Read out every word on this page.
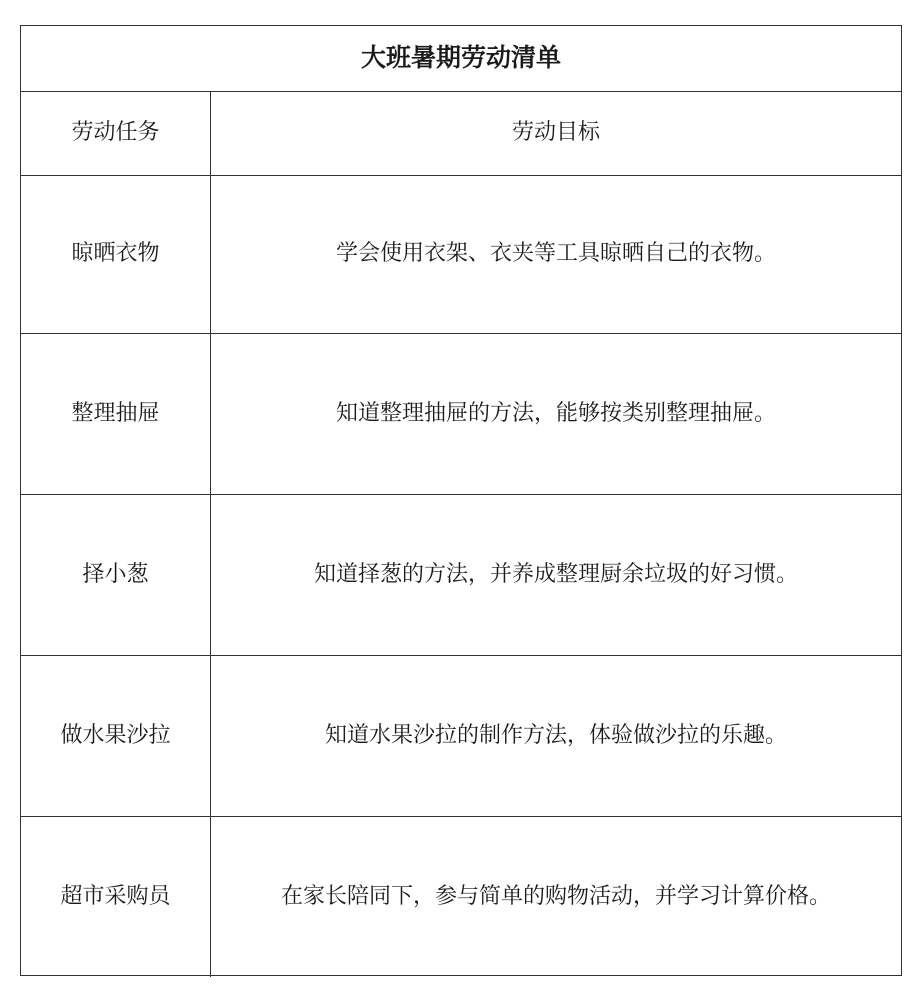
大班暑期劳动清单
劳动任务	劳动目标
晾晒衣物	学会使用衣架、衣夹等工具晾晒自己的衣物。
整理抽屉	知道整理抽屉的方法，能够按类别整理抽屉。
择小葱	知道择葱的方法，并养成整理厨余垃圾的好习惯。
做水果沙拉	知道水果沙拉的制作方法，体验做沙拉的乐趣。
超市采购员	在家长陪同下，参与简单的购物活动，并学习计算价格。
